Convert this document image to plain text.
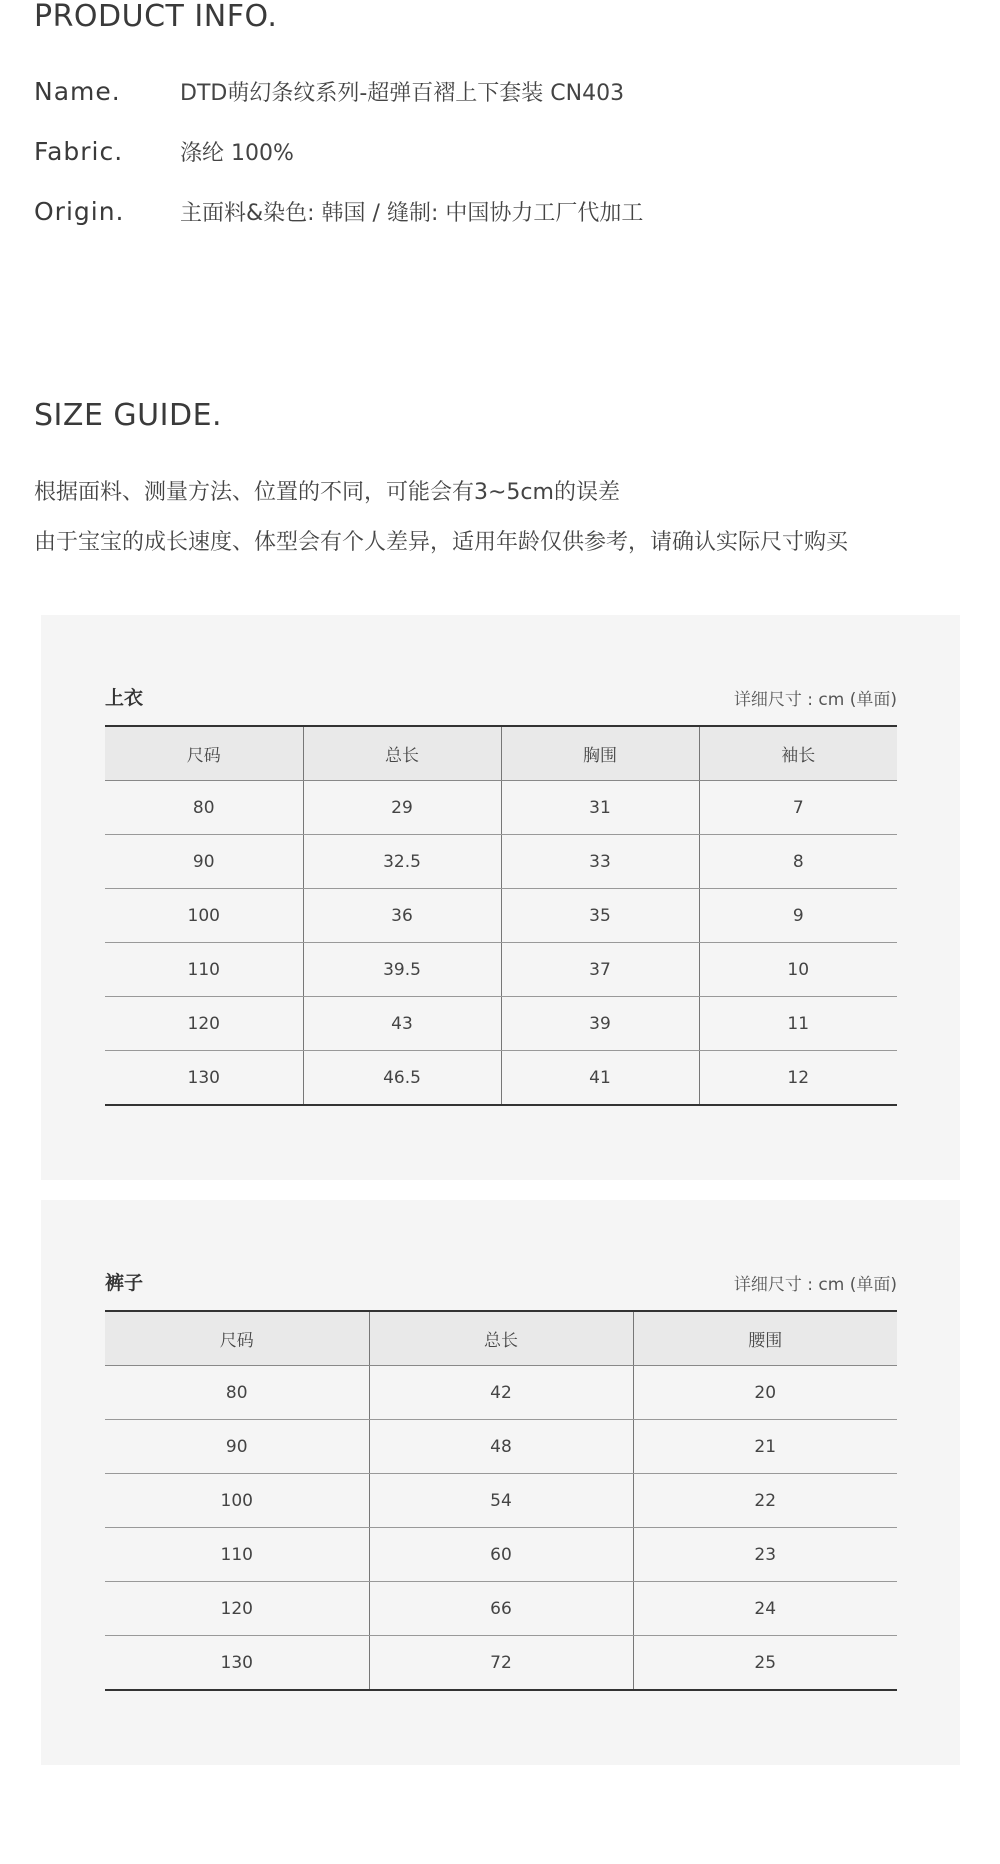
PRODUCT INFO.
Name.	DTD萌幻条纹系列-超弹百褶上下套装 CN403
Fabric.	涤纶 100%
Origin.	主面料&染色: 韩国 / 缝制: 中国协力工厂代加工
SIZE GUIDE.
根据面料、测量方法、位置的不同，可能会有3~5cm的误差
由于宝宝的成长速度、体型会有个人差异，适用年龄仅供参考，请确认实际尺寸购买
上衣	详细尺寸 : cm (单面)
尺码	总长	胸围	袖长
80	29	31	7
90	32.5	33	8
100	36	35	9
110	39.5	37	10
120	43	39	11
130	46.5	41	12
裤子	详细尺寸 : cm (单面)
尺码	总长	腰围
80	42	20
90	48	21
100	54	22
110	60	23
120	66	24
130	72	25
